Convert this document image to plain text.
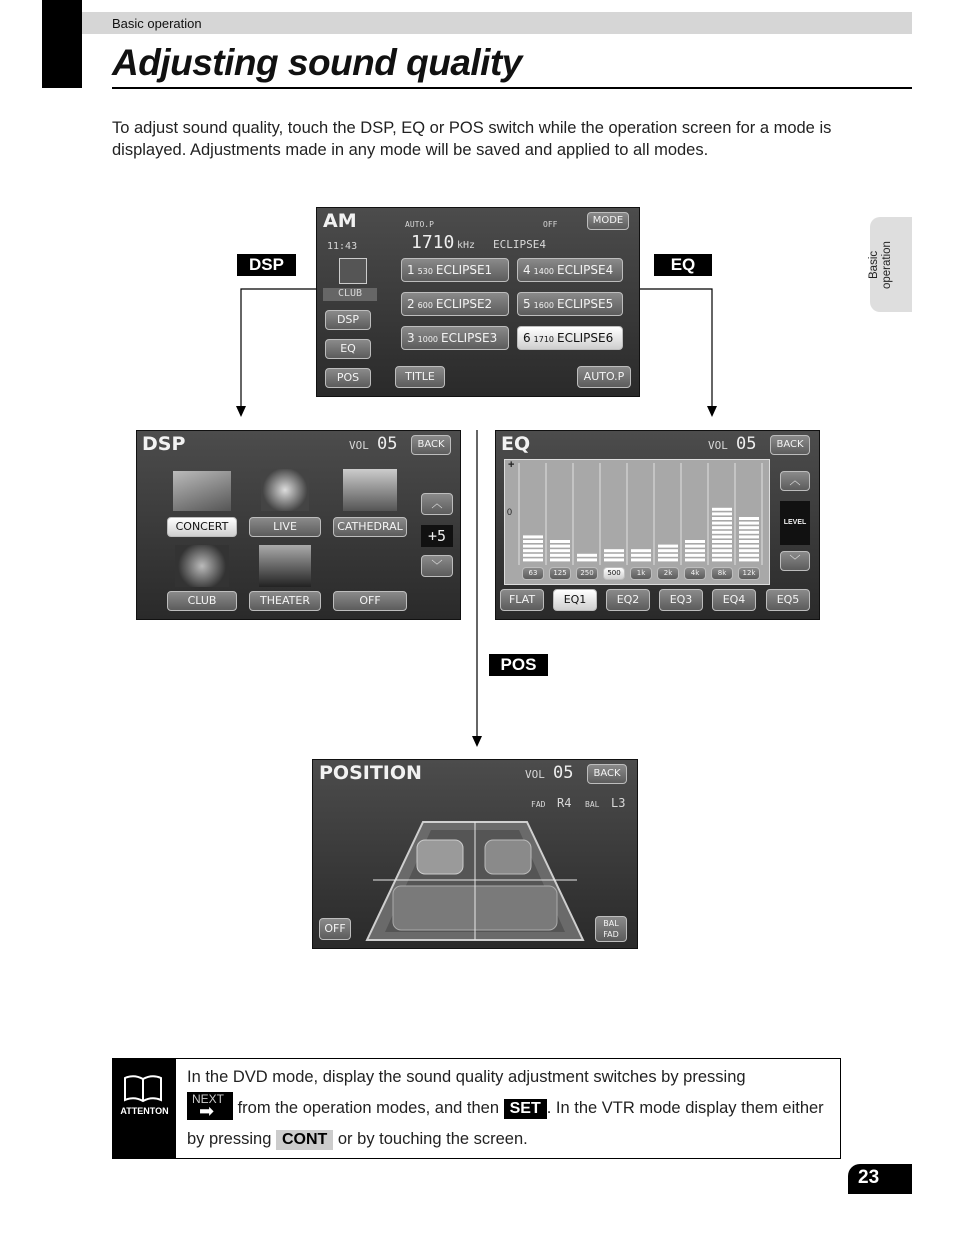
Basic operation
Adjusting sound quality
To adjust sound quality, touch the DSP, EQ or POS switch while the operation screen for a mode is displayed. Adjustments made in any mode will be saved and applied to all modes.
Basic operation
DSP	EQ
POS
AM	AUTO.P	OFF	MODE
11:43	1710 kHz ECLIPSE4
CLUB
DSP
EQ
POS	TITLE	AUTO.P
1 530 ECLIPSE1
2 600 ECLIPSE2
3 1000 ECLIPSE3
4 1400 ECLIPSE4
5 1600 ECLIPSE5
6 1710 ECLIPSE6
DSP	VOL 05	BACK
CONCERT	LIVE	CATHEDRAL
CLUB	THEATER	OFF
︿
+5
﹀
EQ	VOL 05	BACK
+
0
63	125	250	500	1k	2k	4k	8k	12k
︿
LEVEL
﹀
FLAT	EQ1	EQ2	EQ3	EQ4	EQ5
POSITION	VOL 05	BACK
FAD R4 BAL L3
OFF	BAL
FAD
ATTENTON
In the DVD mode, display the sound quality adjustment switches by pressing

NEXT
➡ from the operation modes, and then SET . In the VTR mode display them either by pressing CONT or by touching the screen.
23
